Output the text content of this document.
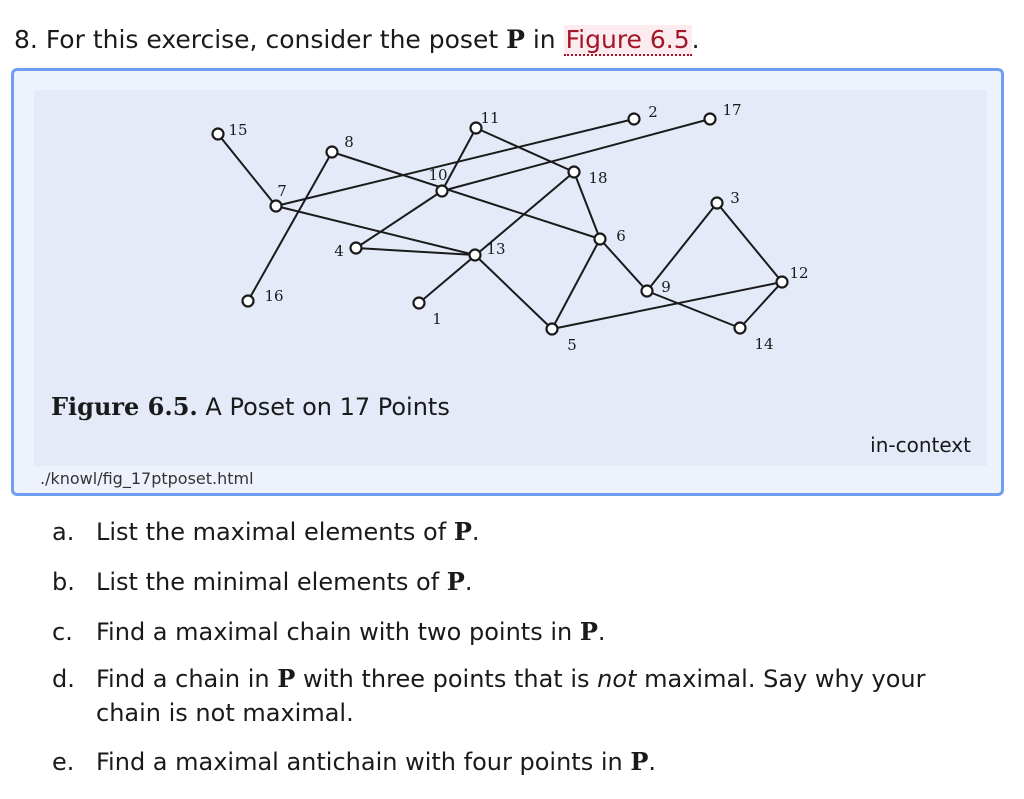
8. For this exercise, consider the poset P in Figure 6.5.
1
2
3
4
5
6
7
8
9
10
11
12
13
14
15
16
17
18
Figure 6.5. A Poset on 17 Points
in-context
./knowl/fig_17ptposet.html
a. List the maximal elements of P.
b. List the minimal elements of P.
c. Find a maximal chain with two points in P.
d. Find a chain in P with three points that is not maximal. Say why your chain is not maximal.
e. Find a maximal antichain with four points in P.
